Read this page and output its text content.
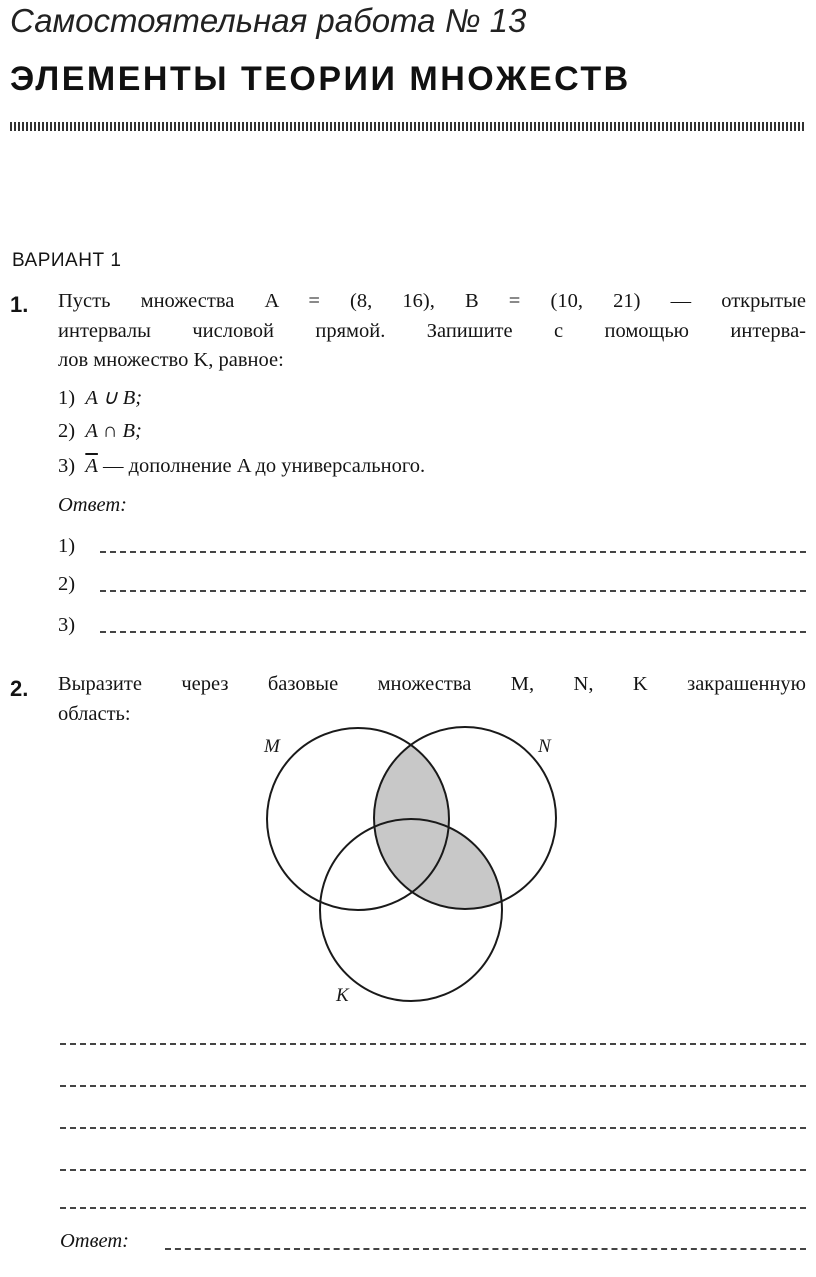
Самостоятельная работа № 13
ЭЛЕМЕНТЫ ТЕОРИИ МНОЖЕСТВ
ВАРИАНТ 1
1. Пусть множества A = (8, 16), B = (10, 21) — открытые
интервалы числовой прямой. Запишите с помощью интерва-
лов множество K, равное:
1) A ∪ B;
2) A ∩ B;
3) $\overline{A}$ — дополнение A до универсального.
Ответ:
1)
2)
3)
2. Выразите через базовые множества M, N, K закрашенную
область:
M	N
K
Ответ:
